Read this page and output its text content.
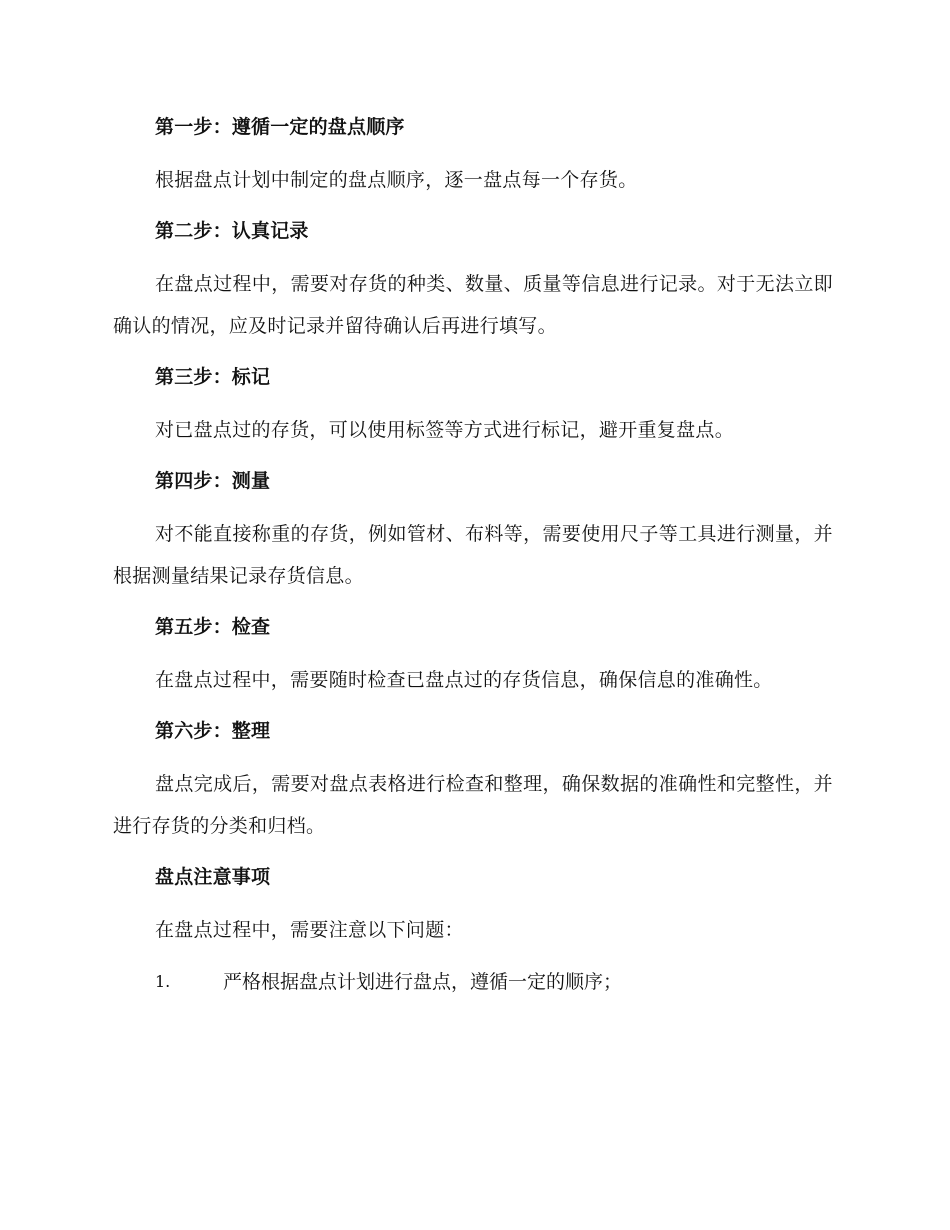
第一步：遵循一定的盘点顺序

根据盘点计划中制定的盘点顺序，逐一盘点每一个存货。

第二步：认真记录

在盘点过程中，需要对存货的种类、数量、质量等信息进行记录。对于无法立即确认的情况，应及时记录并留待确认后再进行填写。

第三步：标记

对已盘点过的存货，可以使用标签等方式进行标记，避开重复盘点。

第四步：测量

对不能直接称重的存货，例如管材、布料等，需要使用尺子等工具进行测量，并根据测量结果记录存货信息。

第五步：检查

在盘点过程中，需要随时检查已盘点过的存货信息，确保信息的准确性。

第六步：整理

盘点完成后，需要对盘点表格进行检查和整理，确保数据的准确性和完整性，并进行存货的分类和归档。

盘点注意事项

在盘点过程中，需要注意以下问题：

1.	严格根据盘点计划进行盘点，遵循一定的顺序；
